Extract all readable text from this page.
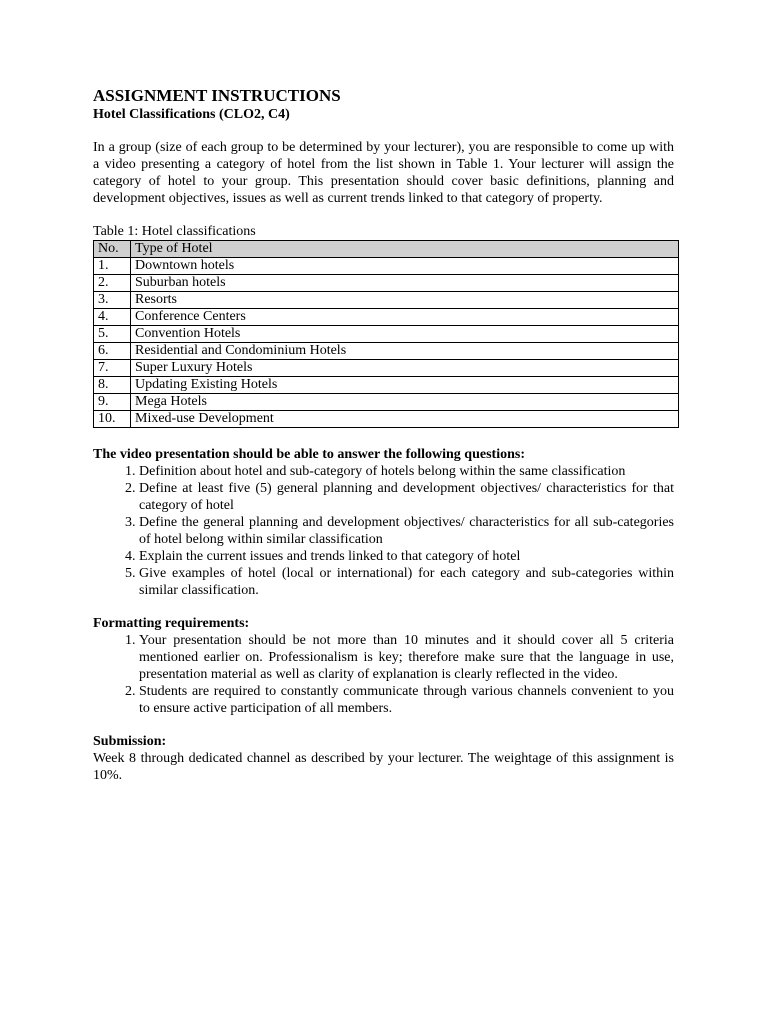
ASSIGNMENT INSTRUCTIONS
Hotel Classifications (CLO2, C4)

In a group (size of each group to be determined by your lecturer), you are responsible to come up with a video presenting a category of hotel from the list shown in Table 1. Your lecturer will assign the category of hotel to your group. This presentation should cover basic definitions, planning and development objectives, issues as well as current trends linked to that category of property.

Table 1: Hotel classifications

No.	Type of Hotel
1.	Downtown hotels
2.	Suburban hotels
3.	Resorts
4.	Conference Centers
5.	Convention Hotels
6.	Residential and Condominium Hotels
7.	Super Luxury Hotels
8.	Updating Existing Hotels
9.	Mega Hotels
10.	Mixed-use Development

The video presentation should be able to answer the following questions:

1. Definition about hotel and sub-category of hotels belong within the same classification
2. Define at least five (5) general planning and development objectives/ characteristics for that category of hotel
3. Define the general planning and development objectives/ characteristics for all sub-categories of hotel belong within similar classification
4. Explain the current issues and trends linked to that category of hotel
5. Give examples of hotel (local or international) for each category and sub-categories within similar classification.

Formatting requirements:

1. Your presentation should be not more than 10 minutes and it should cover all 5 criteria mentioned earlier on. Professionalism is key; therefore make sure that the language in use, presentation material as well as clarity of explanation is clearly reflected in the video.
2. Students are required to constantly communicate through various channels convenient to you to ensure active participation of all members.

Submission:

Week 8 through dedicated channel as described by your lecturer. The weightage of this assignment is 10%.
